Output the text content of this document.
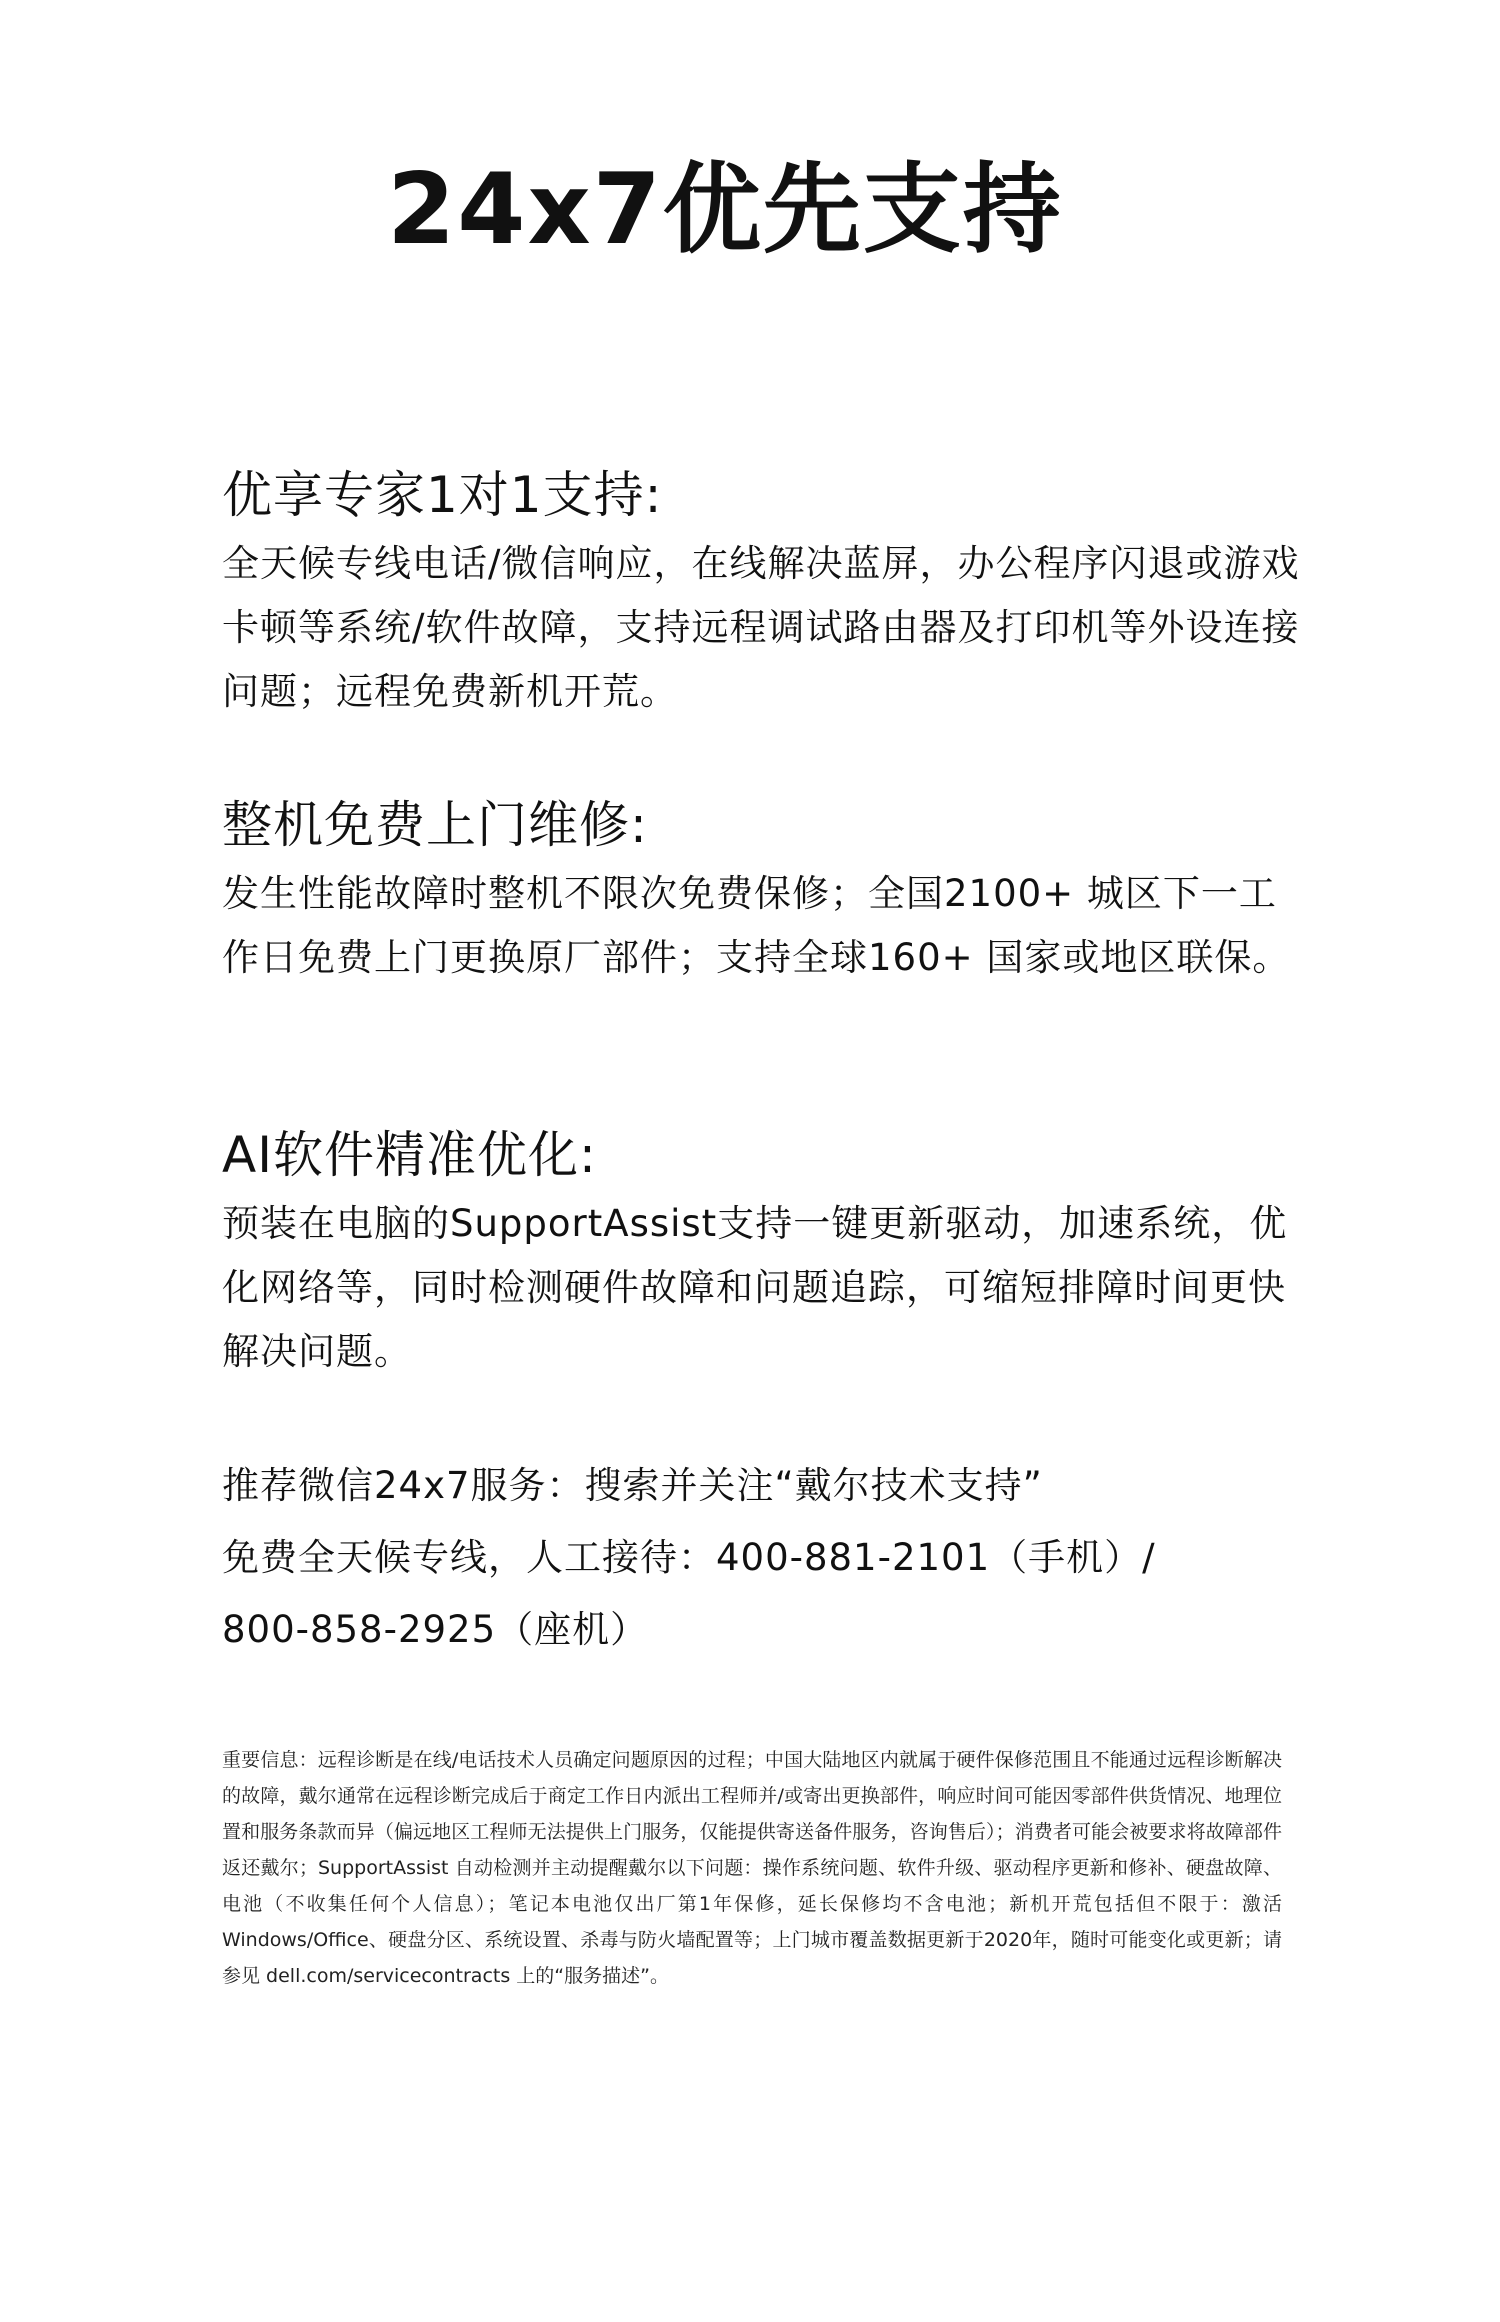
24x7优先支持
优享专家1对1支持:

全天候专线电话/微信响应，在线解决蓝屏，办公程序闪退或游戏卡顿等系统/软件故障，支持远程调试路由器及打印机等外设连接问题；远程免费新机开荒。

整机免费上门维修:

发生性能故障时整机不限次免费保修；全国2100+ 城区下一工作日免费上门更换原厂部件；支持全球160+ 国家或地区联保。

AI软件精准优化:

预装在电脑的SupportAssist支持一键更新驱动，加速系统，优化网络等，同时检测硬件故障和问题追踪，可缩短排障时间更快解决问题。

推荐微信24x7服务：搜索并关注“戴尔技术支持”

免费全天候专线，人工接待：400-881-2101（手机）/

800-858-2925（座机）

重要信息：远程诊断是在线/电话技术人员确定问题原因的过程；中国大陆地区内就属于硬件保修范围且不能通过远程诊断解决的故障，戴尔通常在远程诊断完成后于商定工作日内派出工程师并/或寄出更换部件，响应时间可能因零部件供货情况、地理位置和服务条款而异（偏远地区工程师无法提供上门服务，仅能提供寄送备件服务，咨询售后）；消费者可能会被要求将故障部件返还戴尔；SupportAssist 自动检测并主动提醒戴尔以下问题：操作系统问题、软件升级、驱动程序更新和修补、硬盘故障、电池（不收集任何个人信息）；笔记本电池仅出厂第1年保修，延长保修均不含电池；新机开荒包括但不限于：激活Windows/Office、硬盘分区、系统设置、杀毒与防火墙配置等；上门城市覆盖数据更新于2020年，随时可能变化或更新；请参见 dell.com/servicecontracts 上的“服务描述”。
